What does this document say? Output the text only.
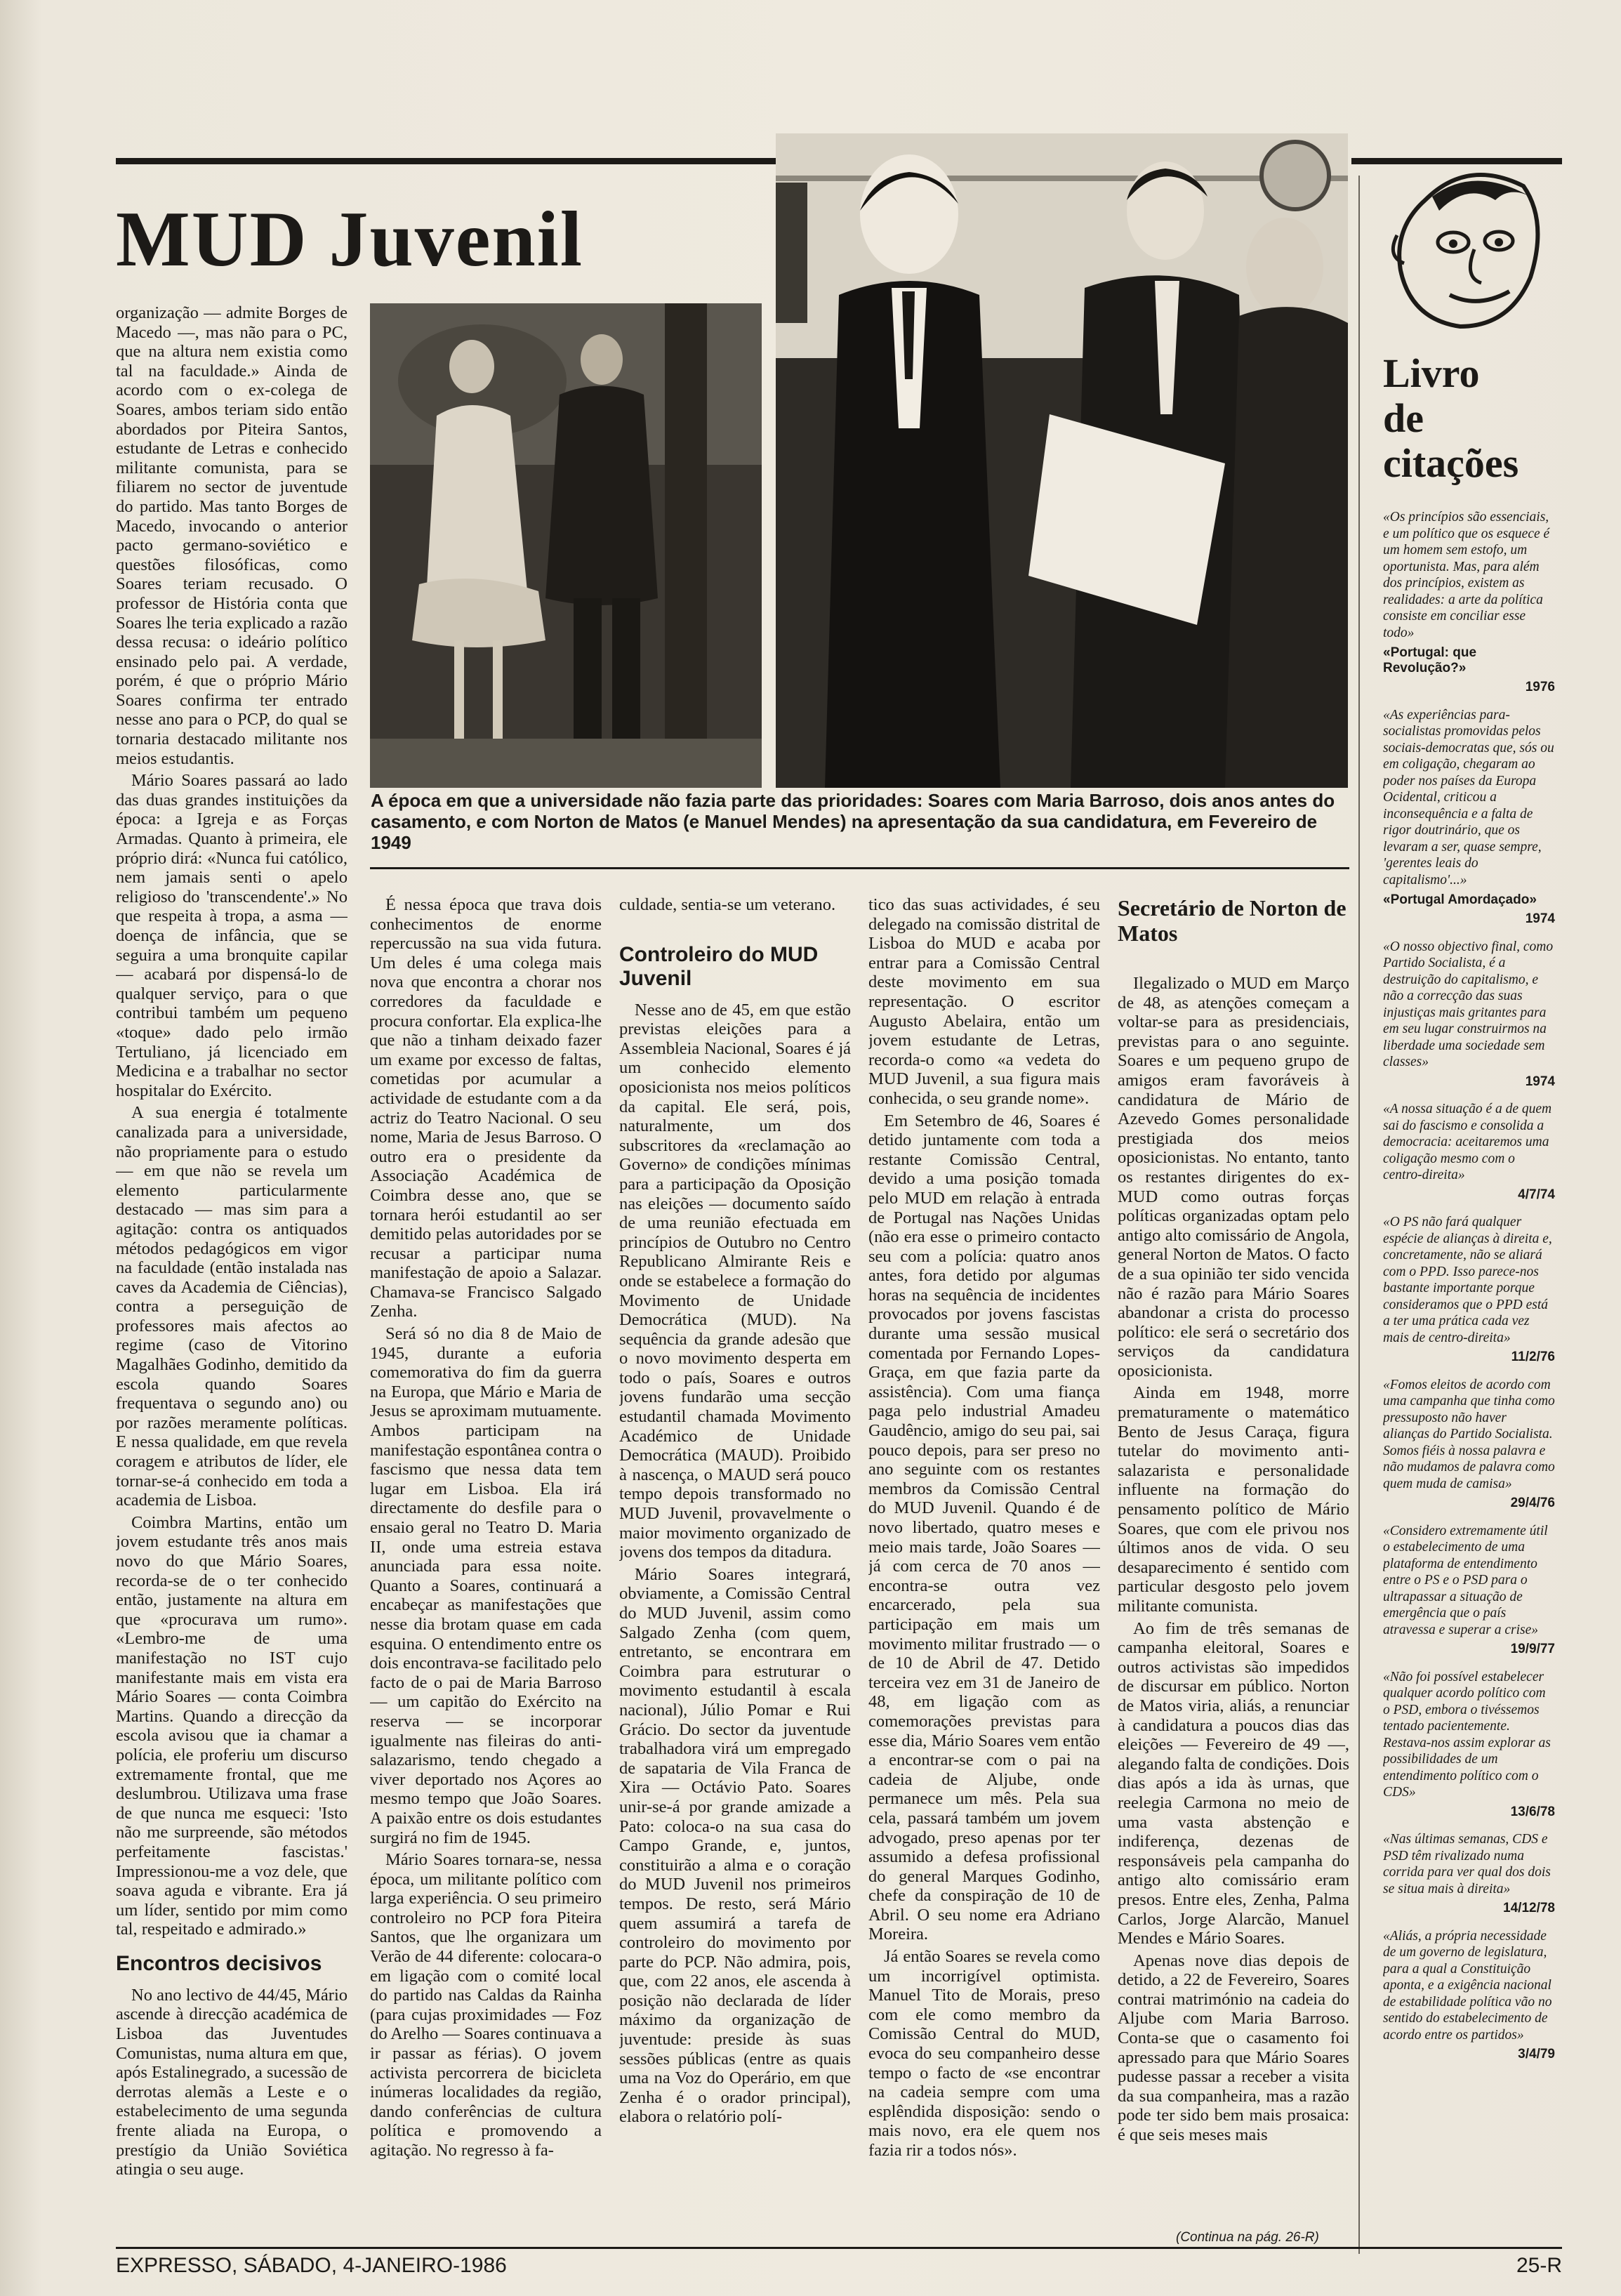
MUD Juvenil
A época em que a universidade não fazia parte das prioridades: Soares com Maria Barroso, dois anos antes do casamento, e com Norton de Matos (e Manuel Mendes) na apresentação da sua candidatura, em Fevereiro de 1949
Livro
de
citações
«Os princípios são essenciais, e um político que os esquece é um homem sem estofo, um oportunista. Mas, para além dos princípios, existem as realidades: a arte da política consiste em conciliar esse todo»
«Portugal: que Revolução?»
1976
«As experiências para-socialistas promovidas pelos sociais-democratas que, sós ou em coligação, chegaram ao poder nos países da Europa Ocidental, criticou a inconsequência e a falta de rigor doutrinário, que os levaram a ser, quase sempre, 'gerentes leais do capitalismo'...»
«Portugal Amordaçado»
1974
«O nosso objectivo final, como Partido Socialista, é a destruição do capitalismo, e não a correcção das suas injustiças mais gritantes para em seu lugar construirmos na liberdade uma sociedade sem classes»
1974
«A nossa situação é a de quem sai do fascismo e consolida a democracia: aceitaremos uma coligação mesmo com o centro-direita»
4/7/74
«O PS não fará qualquer espécie de alianças à direita e, concretamente, não se aliará com o PPD. Isso parece-nos bastante importante porque consideramos que o PPD está a ter uma prática cada vez mais de centro-direita»
11/2/76
«Fomos eleitos de acordo com uma campanha que tinha como pressuposto não haver alianças do Partido Socialista. Somos fiéis à nossa palavra e não mudamos de palavra como quem muda de camisa»
29/4/76
«Considero extremamente útil o estabelecimento de uma plataforma de entendimento entre o PS e o PSD para o ultrapassar a situação de emergência que o país atravessa e superar a crise»
19/9/77
«Não foi possível estabelecer qualquer acordo político com o PSD, embora o tivéssemos tentado pacientemente. Restava-nos assim explorar as possibilidades de um entendimento político com o CDS»
13/6/78
«Nas últimas semanas, CDS e PSD têm rivalizado numa corrida para ver qual dos dois se situa mais à direita»
14/12/78
«Aliás, a própria necessidade de um governo de legislatura, para a qual a Constituição aponta, e a exigência nacional de estabilidade política vão no sentido do estabelecimento de acordo entre os partidos»
3/4/79

organização — admite Borges de Macedo —, mas não para o PC, que na altura nem existia como tal na faculdade.» Ainda de acordo com o ex-colega de Soares, ambos teriam sido então abordados por Piteira Santos, estudante de Letras e conhecido militante comunista, para se filiarem no sector de juventude do partido. Mas tanto Borges de Macedo, invocando o anterior pacto germano-soviético e questões filosóficas, como Soares teriam recusado. O professor de História conta que Soares lhe teria explicado a razão dessa recusa: o ideário político ensinado pelo pai. A verdade, porém, é que o próprio Mário Soares confirma ter entrado nesse ano para o PCP, do qual se tornaria destacado militante nos meios estudantis.

Mário Soares passará ao lado das duas grandes instituições da época: a Igreja e as Forças Armadas. Quanto à primeira, ele próprio dirá: «Nunca fui católico, nem jamais senti o apelo religioso do 'transcendente'.» No que respeita à tropa, a asma — doença de infância, que se seguira a uma bronquite capilar — acabará por dispensá-lo de qualquer serviço, para o que contribui também um pequeno «toque» dado pelo irmão Tertuliano, já licenciado em Medicina e a trabalhar no sector hospitalar do Exército.

A sua energia é totalmente canalizada para a universidade, não propriamente para o estudo — em que não se revela um elemento particularmente destacado — mas sim para a agitação: contra os antiquados métodos pedagógicos em vigor na faculdade (então instalada nas caves da Academia de Ciências), contra a perseguição de professores mais afectos ao regime (caso de Vitorino Magalhães Godinho, demitido da escola quando Soares frequentava o segundo ano) ou por razões meramente políticas. E nessa qualidade, em que revela coragem e atributos de líder, ele tornar-se-á conhecido em toda a academia de Lisboa.

Coimbra Martins, então um jovem estudante três anos mais novo do que Mário Soares, recorda-se de o ter conhecido então, justamente na altura em que «procurava um rumo». «Lembro-me de uma manifestação no IST cujo manifestante mais em vista era Mário Soares — conta Coimbra Martins. Quando a direcção da escola avisou que ia chamar a polícia, ele proferiu um discurso extremamente frontal, que me deslumbrou. Utilizava uma frase de que nunca me esqueci: 'Isto não me surpreende, são métodos perfeitamente fascistas.' Impressionou-me a voz dele, que soava aguda e vibrante. Era já um líder, sentido por mim como tal, respeitado e admirado.»

Encontros decisivos

No ano lectivo de 44/45, Mário ascende à direcção académica de Lisboa das Juventudes Comunistas, numa altura em que, após Estalinegrado, a sucessão de derrotas alemãs a Leste e o estabelecimento de uma segunda frente aliada na Europa, o prestígio da União Soviética atingia o seu auge.

É nessa época que trava dois conhecimentos de enorme repercussão na sua vida futura. Um deles é uma colega mais nova que encontra a chorar nos corredores da faculdade e procura confortar. Ela explica-lhe que não a tinham deixado fazer um exame por excesso de faltas, cometidas por acumular a actividade de estudante com a da actriz do Teatro Nacional. O seu nome, Maria de Jesus Barroso. O outro era o presidente da Associação Académica de Coimbra desse ano, que se tornara herói estudantil ao ser demitido pelas autoridades por se recusar a participar numa manifestação de apoio a Salazar. Chamava-se Francisco Salgado Zenha.

Será só no dia 8 de Maio de 1945, durante a euforia comemorativa do fim da guerra na Europa, que Mário e Maria de Jesus se aproximam mutuamente. Ambos participam na manifestação espontânea contra o fascismo que nessa data tem lugar em Lisboa. Ela irá directamente do desfile para o ensaio geral no Teatro D. Maria II, onde uma estreia estava anunciada para essa noite. Quanto a Soares, continuará a encabeçar as manifestações que nesse dia brotam quase em cada esquina. O entendimento entre os dois encontrava-se facilitado pelo facto de o pai de Maria Barroso — um capitão do Exército na reserva — se incorporar igualmente nas fileiras do anti-salazarismo, tendo chegado a viver deportado nos Açores ao mesmo tempo que João Soares. A paixão entre os dois estudantes surgirá no fim de 1945.

Mário Soares tornara-se, nessa época, um militante político com larga experiência. O seu primeiro controleiro no PCP fora Piteira Santos, que lhe organizara um Verão de 44 diferente: colocara-o em ligação com o comité local do partido nas Caldas da Rainha (para cujas proximidades — Foz do Arelho — Soares continuava a ir passar as férias). O jovem activista percorrera de bicicleta inúmeras localidades da região, dando conferências de cultura política e promovendo a agitação. No regresso à fa-

culdade, sentia-se um veterano.

Controleiro do MUD Juvenil

Nesse ano de 45, em que estão previstas eleições para a Assembleia Nacional, Soares é já um conhecido elemento oposicionista nos meios políticos da capital. Ele será, pois, naturalmente, um dos subscritores da «reclamação ao Governo» de condições mínimas para a participação da Oposição nas eleições — documento saído de uma reunião efectuada em princípios de Outubro no Centro Republicano Almirante Reis e onde se estabelece a formação do Movimento de Unidade Democrática (MUD). Na sequência da grande adesão que o novo movimento desperta em todo o país, Soares e outros jovens fundarão uma secção estudantil chamada Movimento Académico de Unidade Democrática (MAUD). Proibido à nascença, o MAUD será pouco tempo depois transformado no MUD Juvenil, provavelmente o maior movimento organizado de jovens dos tempos da ditadura.

Mário Soares integrará, obviamente, a Comissão Central do MUD Juvenil, assim como Salgado Zenha (com quem, entretanto, se encontrara em Coimbra para estruturar o movimento estudantil à escala nacional), Júlio Pomar e Rui Grácio. Do sector da juventude trabalhadora virá um empregado de sapataria de Vila Franca de Xira — Octávio Pato. Soares unir-se-á por grande amizade a Pato: coloca-o na sua casa do Campo Grande, e, juntos, constituirão a alma e o coração do MUD Juvenil nos primeiros tempos. De resto, será Mário quem assumirá a tarefa de controleiro do movimento por parte do PCP. Não admira, pois, que, com 22 anos, ele ascenda à posição não declarada de líder máximo da organização de juventude: preside às suas sessões públicas (entre as quais uma na Voz do Operário, em que Zenha é o orador principal), elabora o relatório polí-

tico das suas actividades, é seu delegado na comissão distrital de Lisboa do MUD e acaba por entrar para a Comissão Central deste movimento em sua representação. O escritor Augusto Abelaira, então um jovem estudante de Letras, recorda-o como «a vedeta do MUD Juvenil, a sua figura mais conhecida, o seu grande nome».

Em Setembro de 46, Soares é detido juntamente com toda a restante Comissão Central, devido a uma posição tomada pelo MUD em relação à entrada de Portugal nas Nações Unidas (não era esse o primeiro contacto seu com a polícia: quatro anos antes, fora detido por algumas horas na sequência de incidentes provocados por jovens fascistas durante uma sessão musical comentada por Fernando Lopes-Graça, em que fazia parte da assistência). Com uma fiança paga pelo industrial Amadeu Gaudêncio, amigo do seu pai, sai pouco depois, para ser preso no ano seguinte com os restantes membros da Comissão Central do MUD Juvenil. Quando é de novo libertado, quatro meses e meio mais tarde, João Soares — já com cerca de 70 anos — encontra-se outra vez encarcerado, pela sua participação em mais um movimento militar frustrado — o de 10 de Abril de 47. Detido terceira vez em 31 de Janeiro de 48, em ligação com as comemorações previstas para esse dia, Mário Soares vem então a encontrar-se com o pai na cadeia de Aljube, onde permanece um mês. Pela sua cela, passará também um jovem advogado, preso apenas por ter assumido a defesa profissional do general Marques Godinho, chefe da conspiração de 10 de Abril. O seu nome era Adriano Moreira.

Já então Soares se revela como um incorrigível optimista. Manuel Tito de Morais, preso com ele como membro da Comissão Central do MUD, evoca do seu companheiro desse tempo o facto de «se encontrar na cadeia sempre com uma esplêndida disposição: sendo o mais novo, era ele quem nos fazia rir a todos nós».

Secretário de Norton de Matos

Ilegalizado o MUD em Março de 48, as atenções começam a voltar-se para as presidenciais, previstas para o ano seguinte. Soares e um pequeno grupo de amigos eram favoráveis à candidatura de Mário de Azevedo Gomes personalidade prestigiada dos meios oposicionistas. No entanto, tanto os restantes dirigentes do ex-MUD como outras forças políticas organizadas optam pelo antigo alto comissário de Angola, general Norton de Matos. O facto de a sua opinião ter sido vencida não é razão para Mário Soares abandonar a crista do processo político: ele será o secretário dos serviços da candidatura oposicionista.

Ainda em 1948, morre prematuramente o matemático Bento de Jesus Caraça, figura tutelar do movimento anti-salazarista e personalidade influente na formação do pensamento político de Mário Soares, que com ele privou nos últimos anos de vida. O seu desaparecimento é sentido com particular desgosto pelo jovem militante comunista.

Ao fim de três semanas de campanha eleitoral, Soares e outros activistas são impedidos de discursar em público. Norton de Matos viria, aliás, a renunciar à candidatura a poucos dias das eleições — Fevereiro de 49 —, alegando falta de condições. Dois dias após a ida às urnas, que reelegia Carmona no meio de uma vasta abstenção e indiferença, dezenas de responsáveis pela campanha do antigo alto comissário eram presos. Entre eles, Zenha, Palma Carlos, Jorge Alarcão, Manuel Mendes e Mário Soares.

Apenas nove dias depois de detido, a 22 de Fevereiro, Soares contrai matrimónio na cadeia do Aljube com Maria Barroso. Conta-se que o casamento foi apressado para que Mário Soares pudesse passar a receber a visita da sua companheira, mas a razão pode ter sido bem mais prosaica: é que seis meses mais

(Continua na pág. 26-R)
EXPRESSO, SÁBADO, 4-JANEIRO-1986	25-R
